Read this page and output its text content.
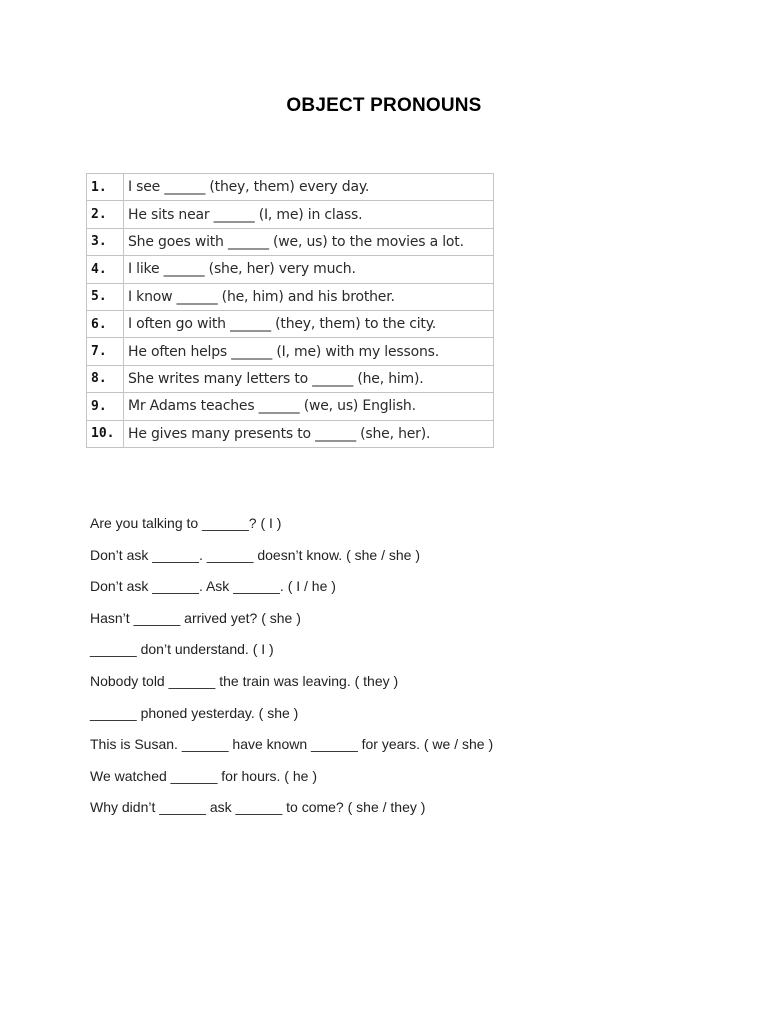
OBJECT PRONOUNS
1.	I see ______ (they, them) every day.
2.	He sits near ______ (I, me) in class.
3.	She goes with ______ (we, us) to the movies a lot.
4.	I like ______ (she, her) very much.
5.	I know ______ (he, him) and his brother.
6.	I often go with ______ (they, them) to the city.
7.	He often helps ______ (I, me) with my lessons.
8.	She writes many letters to ______ (he, him).
9.	Mr Adams teaches ______ (we, us) English.
10.	He gives many presents to ______ (she, her).
Are you talking to ______? ( I )
Don’t ask ______. ______ doesn’t know. ( she / she )
Don’t ask ______. Ask ______. ( I / he )
Hasn’t ______ arrived yet? ( she )
______ don’t understand. ( I )
Nobody told ______ the train was leaving. ( they )
______ phoned yesterday. ( she )
This is Susan. ______ have known ______ for years. ( we / she )
We watched ______ for hours. ( he )
Why didn’t ______ ask ______ to come? ( she / they )
